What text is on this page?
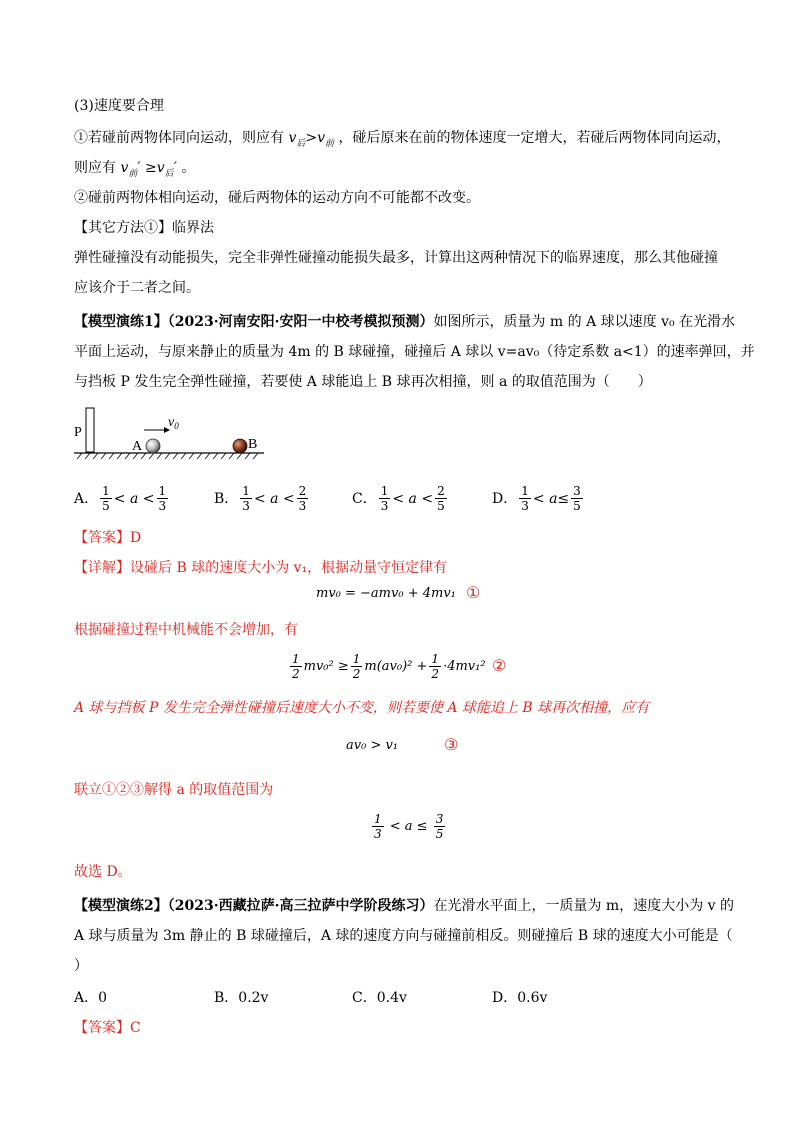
(3)速度要合理
①若碰前两物体同向运动，则应有 $v_后>v_前$ ，碰后原来在前的物体速度一定增大，若碰后两物体同向运动，
则应有 $v_前' \ge v_后'$ 。
②碰前两物体相向运动，碰后两物体的运动方向不可能都不改变。
【其它方法①】临界法
弹性碰撞没有动能损失，完全非弹性碰撞动能损失最多，计算出这两种情况下的临界速度，那么其他碰撞
应该介于二者之间。
【模型演练1】（2023·河南安阳·安阳一中校考模拟预测）如图所示，质量为 m 的 A 球以速度 v₀ 在光滑水
平面上运动，与原来静止的质量为 4m 的 B 球碰撞，碰撞后 A 球以 v=av₀（待定系数 a<1）的速率弹回，并
与挡板 P 发生完全弹性碰撞，若要使 A 球能追上 B 球再次相撞，则 a 的取值范围为（　　）
P
A
$v_0$
B
A． $\frac{1}{5}$ <
a
< $\frac{1}{3}$	B． $\frac{1}{3}$ <
a
< $\frac{2}{3}$	C． $\frac{1}{3}$ <
a
< $\frac{2}{5}$	D． $\frac{1}{3}$ <
$a \le \frac{3}{5}$
【答案】D
【详解】设碰后 B 球的速度大小为 v₁，根据动量守恒定律有
mv₀ = −amv₀ + 4mv₁ ①
根据碰撞过程中机械能不会增加，有
$\frac{1}{2} mv_0^2 \ge \frac{1}{2} m(av_0)^2 + \frac{1}{2} \cdot 4mv_1^2$ ②
A 球与挡板 P 发生完全弹性碰撞后速度大小不变，则若要使 A 球能追上 B 球再次相撞，应有
av₀ > v₁	③
联立①②③解得 a 的取值范围为
$\frac{1}{3} < a \le \frac{3}{5}$
故选 D。
【模型演练2】（2023·西藏拉萨·高三拉萨中学阶段练习）在光滑水平面上，一质量为 m，速度大小为 v 的
A 球与质量为 3m 静止的 B 球碰撞后，A 球的速度方向与碰撞前相反。则碰撞后 B 球的速度大小可能是（
）
A．0	B．0.2v	C．0.4v	D．0.6v
【答案】C
